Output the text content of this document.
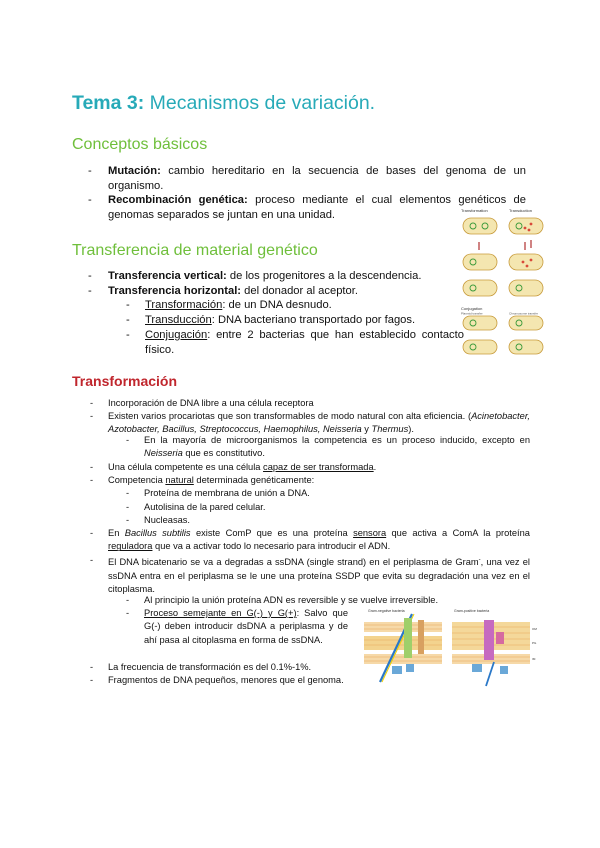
Tema 3: Mecanismos de variación.
Conceptos básicos
- Mutación: cambio hereditario en la secuencia de bases del genoma de un organismo.
- Recombinación genética: proceso mediante el cual elementos genéticos de genomas separados se juntan en una unidad.
Transferencia de material genético
- Transferencia vertical: de los progenitores a la descendencia.
- Transferencia horizontal: del donador al aceptor.
- Transformación: de un DNA desnudo.
- Transducción: DNA bacteriano transportado por fagos.
- Conjugación: entre 2 bacterias que han establecido contacto físico.
Transformation	Transduction
Conjugation
Plasmid transfer	Chromosome transfer
Transformación
- Incorporación de DNA libre a una célula receptora
- Existen varios procariotas que son transformables de modo natural con alta eficiencia. (Acinetobacter, Azotobacter, Bacillus, Streptococcus, Haemophilus, Neisseria y Thermus).
- En la mayoría de microorganismos la competencia es un proceso inducido, excepto en Neisseria que es constitutivo.
- Una célula competente es una célula capaz de ser transformada.
- Competencia natural determinada genéticamente:
- Proteína de membrana de unión a DNA.
- Autolisina de la pared celular.
- Nucleasas.
- En Bacillus subtilis existe ComP que es una proteína sensora que activa a ComA la proteína reguladora que va a activar todo lo necesario para introducir el ADN.
- El DNA bicatenario se va a degradas a ssDNA (single strand) en el periplasma de Gram-, una vez el ssDNA entra en el periplasma se le une una proteína SSDP que evita su degradación una vez en el citoplasma.
- Al principio la unión proteína ADN es reversible y se vuelve irreversible.
- Proceso semejante en G(-) y G(+): Salvo que G(-) deben introducir dsDNA a periplasma y de ahí pasa al citoplasma en forma de ssDNA.
- La frecuencia de transformación es del 0.1%-1%.
- Fragmentos de DNA pequeños, menores que el genoma.
Gram-negative bacteria	Gram-positive bacteria
OM
PG
IM
